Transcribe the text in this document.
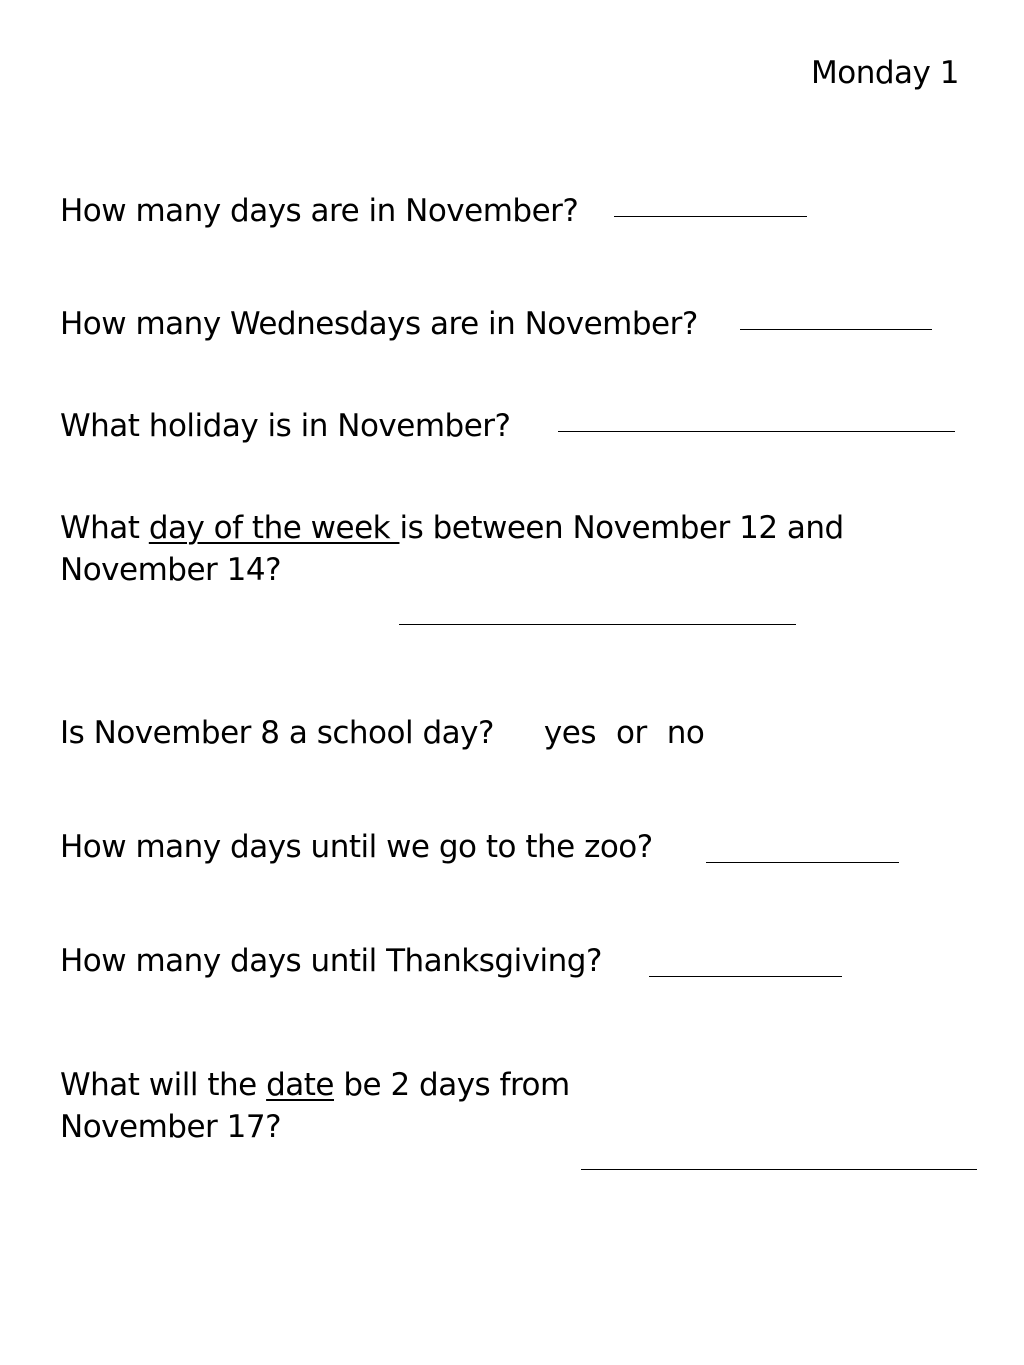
Monday 1
How many days are in November?
How many Wednesdays are in November?
What holiday is in November?
What day of the week is between November 12 and
November 14?
Is November 8 a school day? yes or no
How many days until we go to the zoo?
How many days until Thanksgiving?
What will the date be 2 days from
November 17?
